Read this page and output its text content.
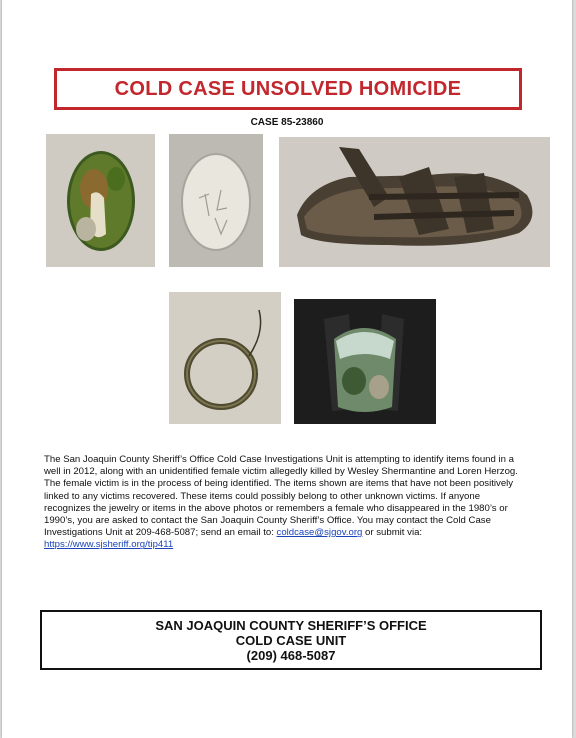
COLD CASE UNSOLVED HOMICIDE
CASE 85-23860
The San Joaquin County Sheriff’s Office Cold Case Investigations Unit is attempting to identify items found in a well in 2012, along with an unidentified female victim allegedly killed by Wesley Shermantine and Loren Herzog. The female victim is in the process of being identified. The items shown are items that have not been positively linked to any victims recovered. These items could possibly belong to other unknown victims. If anyone recognizes the jewelry or items in the above photos or remembers a female who disappeared in the 1980’s or 1990’s, you are asked to contact the San Joaquin County Sheriff’s Office. You may contact the Cold Case Investigations Unit at 209-468-5087; send an email to: coldcase@sjgov.org or submit via: https://www.sjsheriff.org/tip411
SAN JOAQUIN COUNTY SHERIFF’S OFFICE
COLD CASE UNIT
(209) 468-5087
